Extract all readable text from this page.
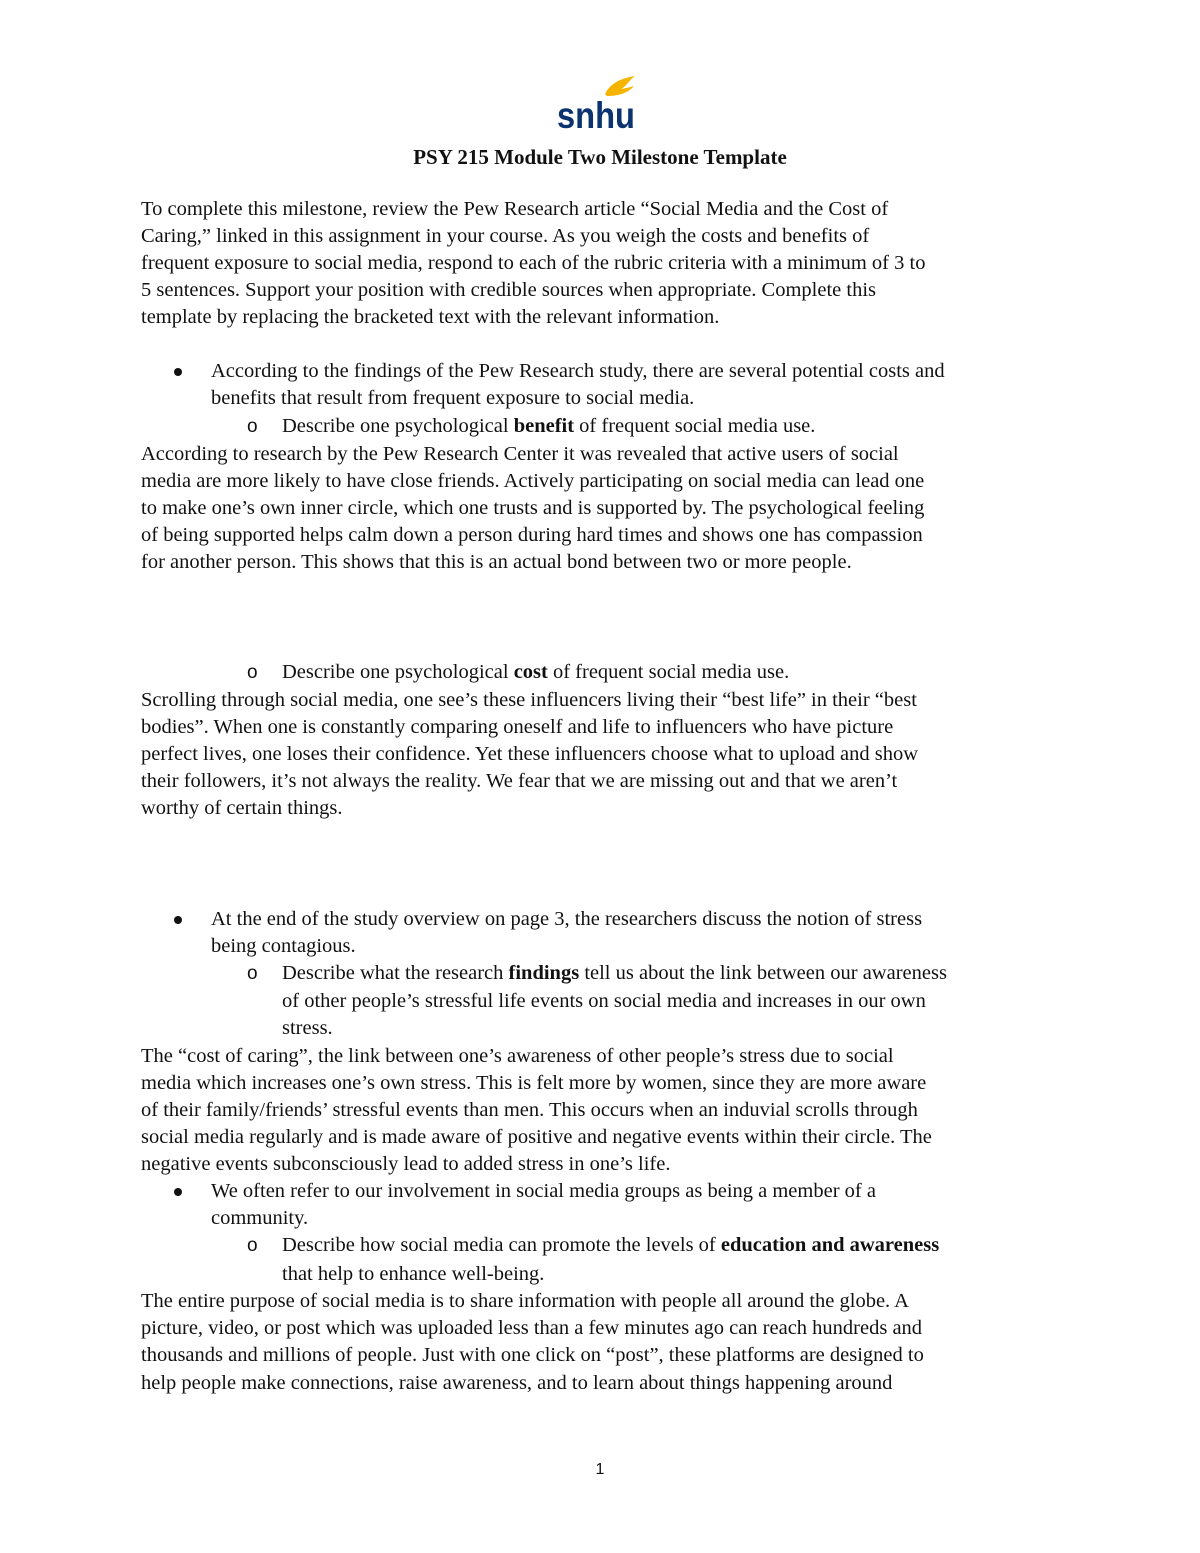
snhu
PSY 215 Module Two Milestone Template
To complete this milestone, review the Pew Research article “Social Media and the Cost of
Caring,” linked in this assignment in your course. As you weigh the costs and benefits of
frequent exposure to social media, respond to each of the rubric criteria with a minimum of 3 to
5 sentences. Support your position with credible sources when appropriate. Complete this
template by replacing the bracketed text with the relevant information.
According to the findings of the Pew Research study, there are several potential costs and
benefits that result from frequent exposure to social media.
o Describe one psychological benefit of frequent social media use.
According to research by the Pew Research Center it was revealed that active users of social
media are more likely to have close friends. Actively participating on social media can lead one
to make one’s own inner circle, which one trusts and is supported by. The psychological feeling
of being supported helps calm down a person during hard times and shows one has compassion
for another person. This shows that this is an actual bond between two or more people.
o Describe one psychological cost of frequent social media use.
Scrolling through social media, one see’s these influencers living their “best life” in their “best
bodies”. When one is constantly comparing oneself and life to influencers who have picture
perfect lives, one loses their confidence. Yet these influencers choose what to upload and show
their followers, it’s not always the reality. We fear that we are missing out and that we aren’t
worthy of certain things.
At the end of the study overview on page 3, the researchers discuss the notion of stress
being contagious.
o Describe what the research findings tell us about the link between our awareness
of other people’s stressful life events on social media and increases in our own
stress.
The “cost of caring”, the link between one’s awareness of other people’s stress due to social
media which increases one’s own stress. This is felt more by women, since they are more aware
of their family/friends’ stressful events than men. This occurs when an induvial scrolls through
social media regularly and is made aware of positive and negative events within their circle. The
negative events subconsciously lead to added stress in one’s life.
We often refer to our involvement in social media groups as being a member of a
community.
o Describe how social media can promote the levels of education and awareness
that help to enhance well-being.
The entire purpose of social media is to share information with people all around the globe. A
picture, video, or post which was uploaded less than a few minutes ago can reach hundreds and
thousands and millions of people. Just with one click on “post”, these platforms are designed to
help people make connections, raise awareness, and to learn about things happening around
1
